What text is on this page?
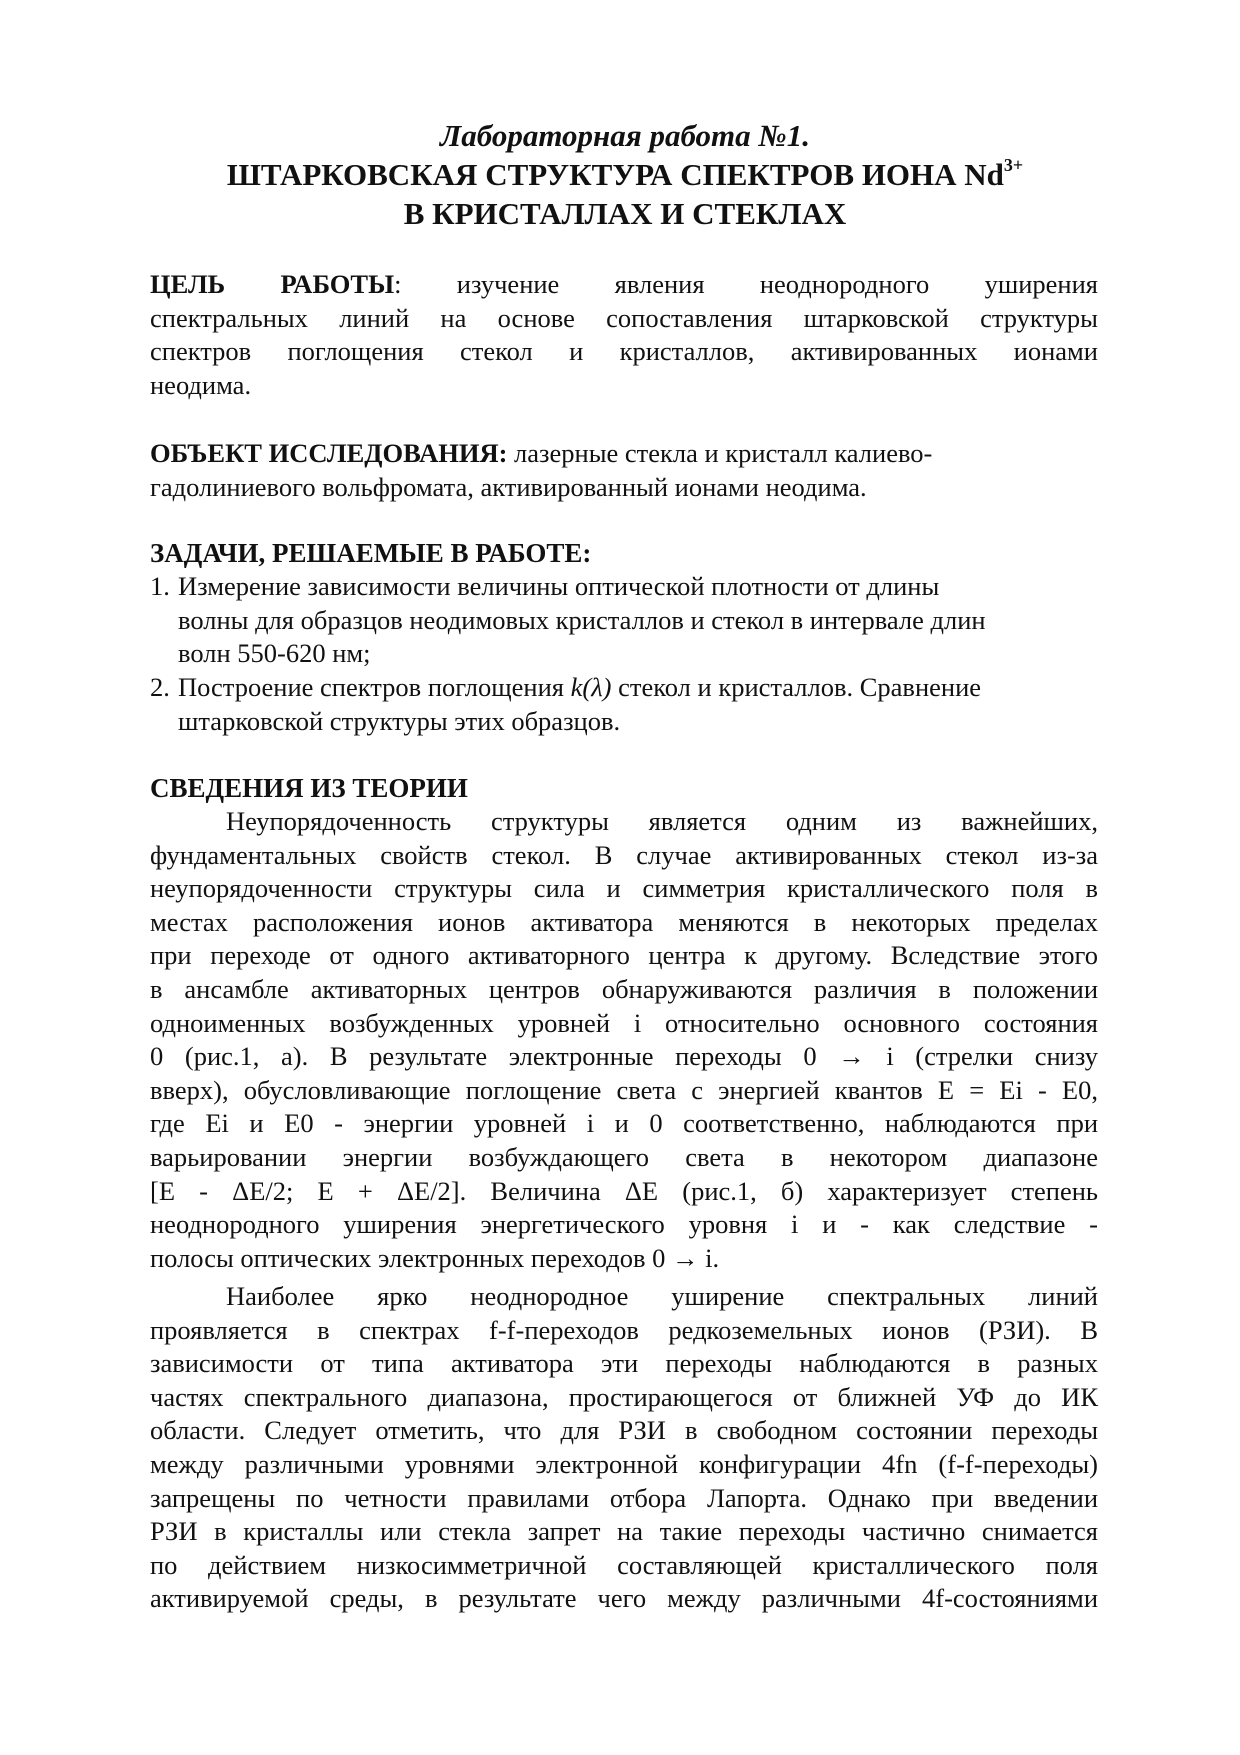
Лабораторная работа №1.
ШТАРКОВСКАЯ СТРУКТУРА СПЕКТРОВ ИОНА $Nd^{3+}$
В КРИСТАЛЛАХ И СТЕКЛАХ
ЦЕЛЬ РАБОТЫ: изучение явления неоднородного уширения
спектральных линий на основе сопоставления штарковской структуры
спектров поглощения стекол и кристаллов, активированных ионами
неодима.
ОБЪЕКТ ИССЛЕДОВАНИЯ: лазерные стекла и кристалл калиево-
гадолиниевого вольфромата, активированный ионами неодима.
ЗАДАЧИ, РЕШАЕМЫЕ В РАБОТЕ:
1. Измерение зависимости величины оптической плотности от длины
волны для образцов неодимовых кристаллов и стекол в интервале длин
волн 550-620 нм;
2. Построение спектров поглощения k(λ) стекол и кристаллов. Сравнение
штарковской структуры этих образцов.
СВЕДЕНИЯ ИЗ ТЕОРИИ
Неупорядоченность структуры является одним из важнейших,
фундаментальных свойств стекол. В случае активированных стекол из-за
неупорядоченности структуры сила и симметрия кристаллического поля в
местах расположения ионов активатора меняются в некоторых пределах
при переходе от одного активаторного центра к другому. Вследствие этого
в ансамбле активаторных центров обнаруживаются различия в положении
одноименных возбужденных уровней i относительно основного состояния
0 (рис.1, а). В результате электронные переходы 0 → i (стрелки снизу
вверх), обусловливающие поглощение света с энергией квантов E = Ei - E0,
где Ei и E0 - энергии уровней i и 0 соответственно, наблюдаются при
варьировании энергии возбуждающего света в некотором диапазоне
[E - ΔE/2; E + ΔE/2]. Величина ΔE (рис.1, б) характеризует степень
неоднородного уширения энергетического уровня i и - как следствие -
полосы оптических электронных переходов 0 → i.
Наиболее ярко неоднородное уширение спектральных линий
проявляется в спектрах f-f-переходов редкоземельных ионов (РЗИ). В
зависимости от типа активатора эти переходы наблюдаются в разных
частях спектрального диапазона, простирающегося от ближней УФ до ИК
области. Следует отметить, что для РЗИ в свободном состоянии переходы
между различными уровнями электронной конфигурации 4fn (f-f-переходы)
запрещены по четности правилами отбора Лапорта. Однако при введении
РЗИ в кристаллы или стекла запрет на такие переходы частично снимается
по действием низкосимметричной составляющей кристаллического поля
активируемой среды, в результате чего между различными 4f-состояниями
